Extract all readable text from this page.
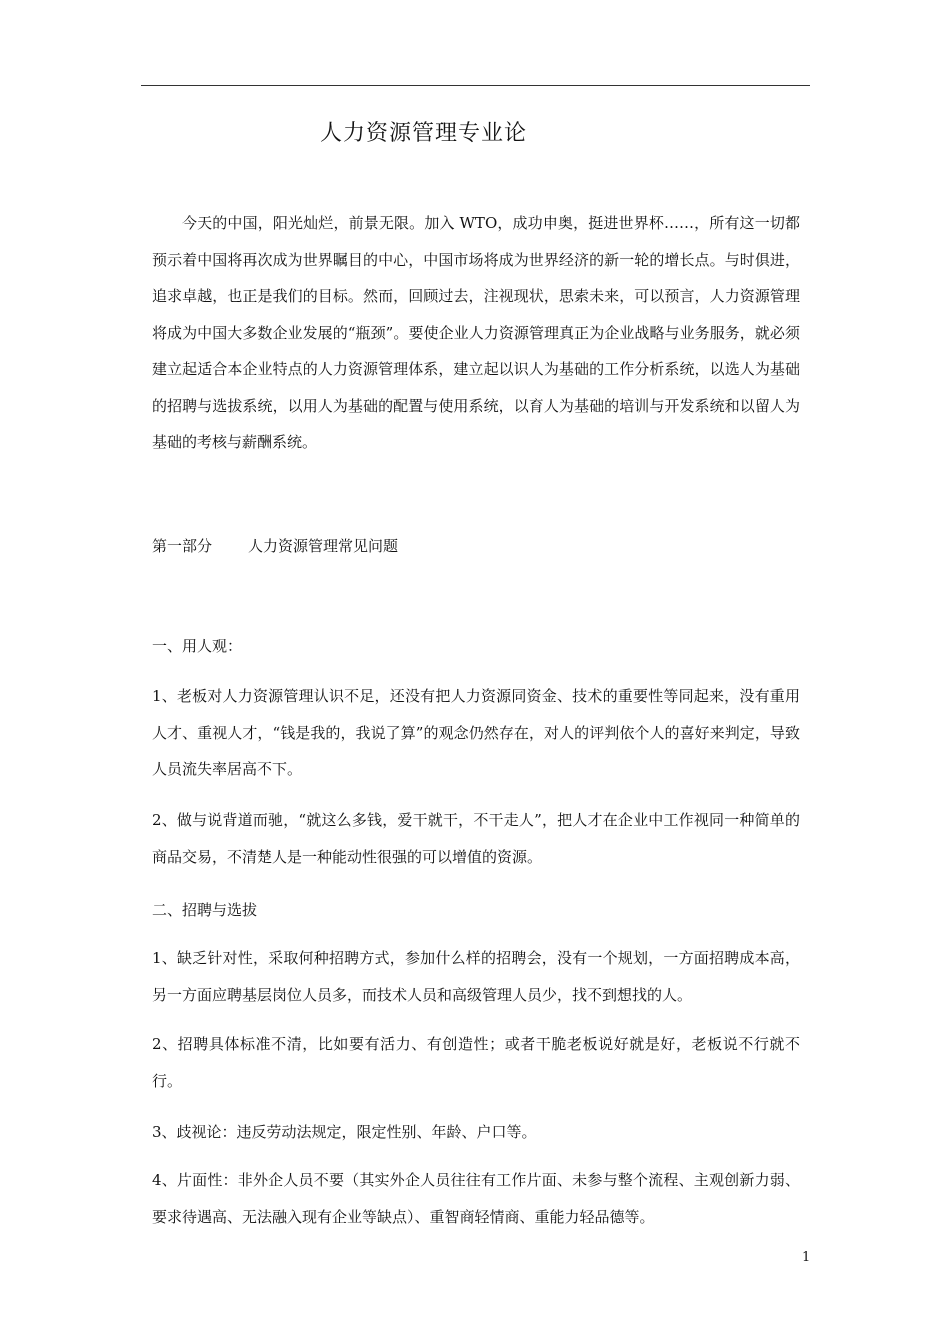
人力资源管理专业论

今天的中国，阳光灿烂，前景无限。加入 WTO，成功申奥，挺进世界杯……，所有这一切都预示着中国将再次成为世界瞩目的中心，中国市场将成为世界经济的新一轮的增长点。与时俱进，追求卓越，也正是我们的目标。然而，回顾过去，注视现状，思索未来，可以预言，人力资源管理将成为中国大多数企业发展的“瓶颈”。要使企业人力资源管理真正为企业战略与业务服务，就必须建立起适合本企业特点的人力资源管理体系，建立起以识人为基础的工作分析系统，以选人为基础的招聘与选拔系统，以用人为基础的配置与使用系统，以育人为基础的培训与开发系统和以留人为基础的考核与薪酬系统。

第一部分 人力资源管理常见问题

一、用人观：

1、老板对人力资源管理认识不足，还没有把人力资源同资金、技术的重要性等同起来，没有重用人才、重视人才，“钱是我的，我说了算”的观念仍然存在，对人的评判依个人的喜好来判定，导致人员流失率居高不下。

2、做与说背道而驰，“就这么多钱，爱干就干，不干走人”，把人才在企业中工作视同一种简单的商品交易，不清楚人是一种能动性很强的可以增值的资源。

二、招聘与选拔

1、缺乏针对性，采取何种招聘方式，参加什么样的招聘会，没有一个规划，一方面招聘成本高，另一方面应聘基层岗位人员多，而技术人员和高级管理人员少，找不到想找的人。

2、招聘具体标准不清，比如要有活力、有创造性；或者干脆老板说好就是好，老板说不行就不行。

3、歧视论：违反劳动法规定，限定性别、年龄、户口等。

4、片面性：非外企人员不要（其实外企人员往往有工作片面、未参与整个流程、主观创新力弱、要求待遇高、无法融入现有企业等缺点）、重智商轻情商、重能力轻品德等。

1
